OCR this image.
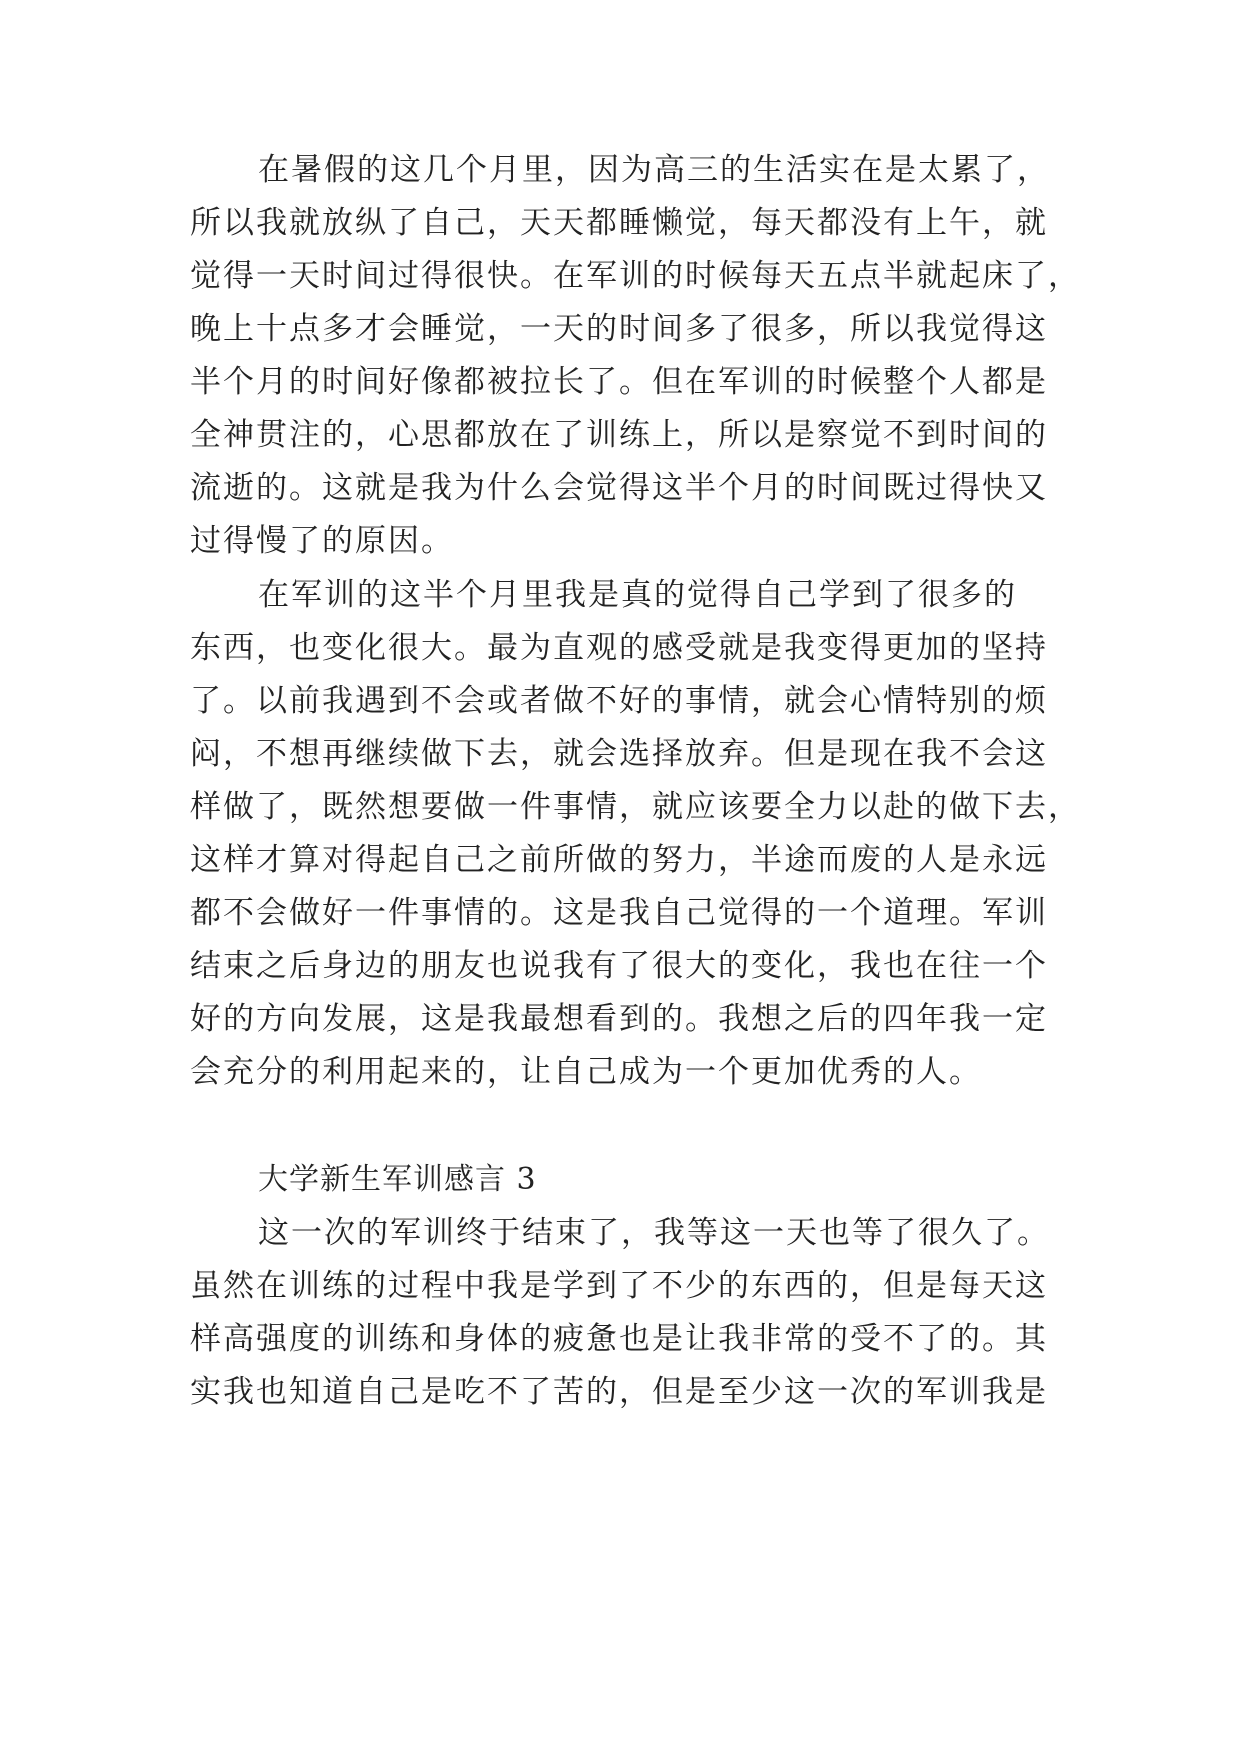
在暑假的这几个月里，因为高三的生活实在是太累了，
所以我就放纵了自己，天天都睡懒觉，每天都没有上午，就
觉得一天时间过得很快。在军训的时候每天五点半就起床了，
晚上十点多才会睡觉，一天的时间多了很多，所以我觉得这
半个月的时间好像都被拉长了。但在军训的时候整个人都是
全神贯注的，心思都放在了训练上，所以是察觉不到时间的
流逝的。这就是我为什么会觉得这半个月的时间既过得快又
过得慢了的原因。
在军训的这半个月里我是真的觉得自己学到了很多的
东西，也变化很大。最为直观的感受就是我变得更加的坚持
了。以前我遇到不会或者做不好的事情，就会心情特别的烦
闷，不想再继续做下去，就会选择放弃。但是现在我不会这
样做了，既然想要做一件事情，就应该要全力以赴的做下去，
这样才算对得起自己之前所做的努力，半途而废的人是永远
都不会做好一件事情的。这是我自己觉得的一个道理。军训
结束之后身边的朋友也说我有了很大的变化，我也在往一个
好的方向发展，这是我最想看到的。我想之后的四年我一定
会充分的利用起来的，让自己成为一个更加优秀的人。
大学新生军训感言 3
这一次的军训终于结束了，我等这一天也等了很久了。
虽然在训练的过程中我是学到了不少的东西的，但是每天这
样高强度的训练和身体的疲惫也是让我非常的受不了的。其
实我也知道自己是吃不了苦的，但是至少这一次的军训我是
